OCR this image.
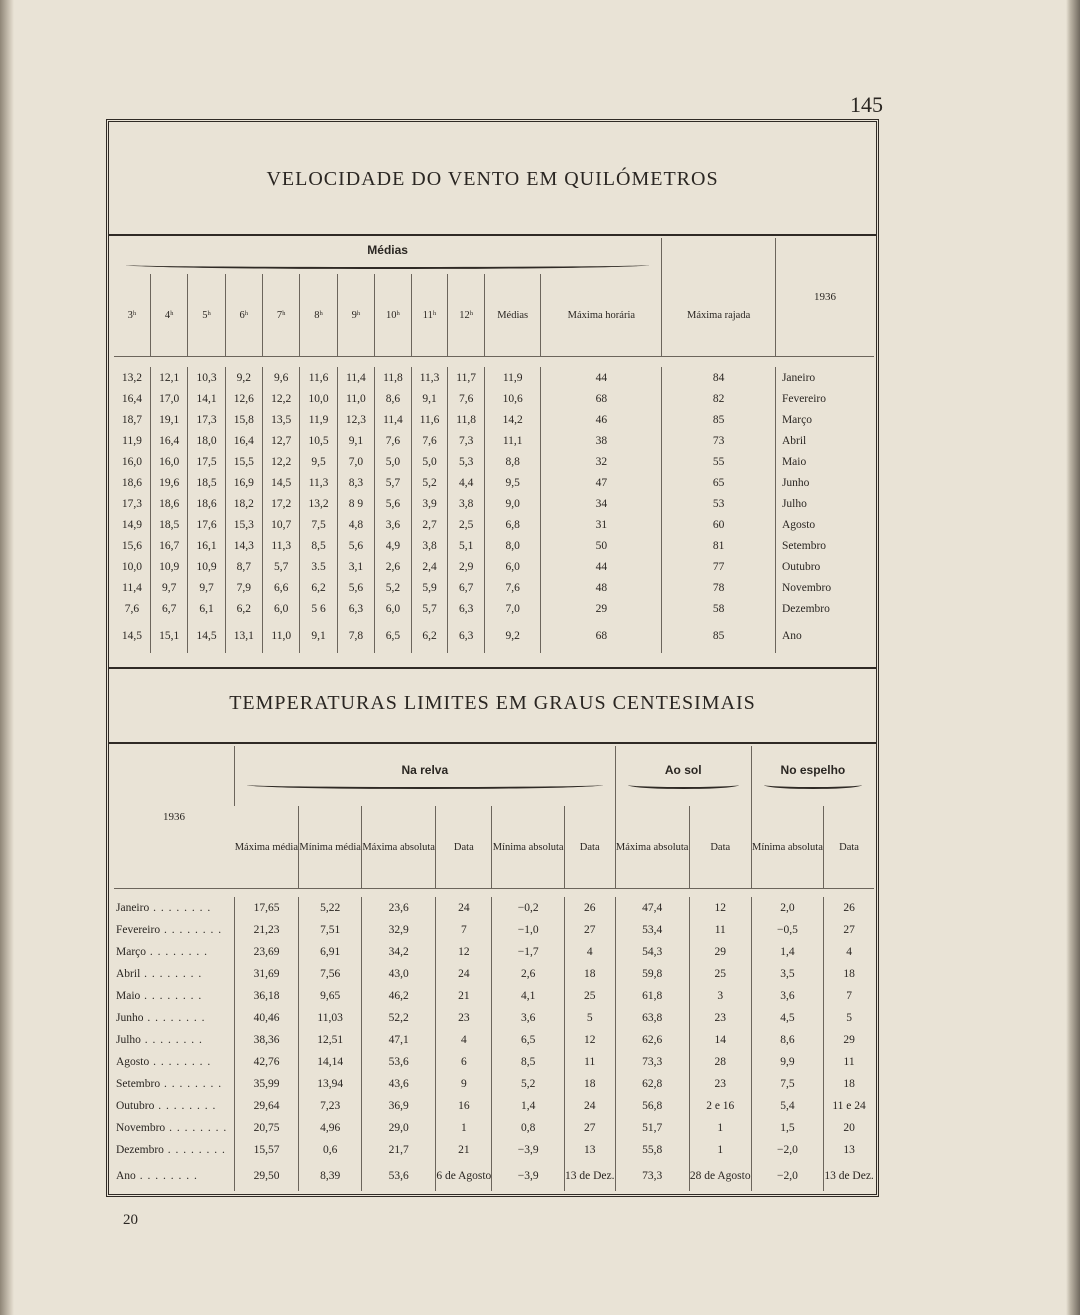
145
20
VELOCIDADE DO VENTO EM QUILÓMETROS
Médias													1936
3ʰ	4ʰ	5ʰ	6ʰ	7ʰ	8ʰ	9ʰ	10ʰ	11ʰ	12ʰ	Médias	Máxima horária	Máxima rajada	

13,2	12,1	10,3	9,2	9,6	11,6	11,4	11,8	11,3	11,7	11,9	44	84	Janeiro
16,4	17,0	14,1	12,6	12,2	10,0	11,0	8,6	9,1	7,6	10,6	68	82	Fevereiro
18,7	19,1	17,3	15,8	13,5	11,9	12,3	11,4	11,6	11,8	14,2	46	85	Março
11,9	16,4	18,0	16,4	12,7	10,5	9,1	7,6	7,6	7,3	11,1	38	73	Abril
16,0	16,0	17,5	15,5	12,2	9,5	7,0	5,0	5,0	5,3	8,8	32	55	Maio
18,6	19,6	18,5	16,9	14,5	11,3	8,3	5,7	5,2	4,4	9,5	47	65	Junho
17,3	18,6	18,6	18,2	17,2	13,2	8 9	5,6	3,9	3,8	9,0	34	53	Julho
14,9	18,5	17,6	15,3	10,7	7,5	4,8	3,6	2,7	2,5	6,8	31	60	Agosto
15,6	16,7	16,1	14,3	11,3	8,5	5,6	4,9	3,8	5,1	8,0	50	81	Setembro
10,0	10,9	10,9	8,7	5,7	3.5	3,1	2,6	2,4	2,9	6,0	44	77	Outubro
11,4	9,7	9,7	7,9	6,6	6,2	5,6	5,2	5,9	6,7	7,6	48	78	Novembro
7,6	6,7	6,1	6,2	6,0	5 6	6,3	6,0	5,7	6,3	7,0	29	58	Dezembro
14,5	15,1	14,5	13,1	11,0	9,1	7,8	6,5	6,2	6,3	9,2	68	85	Ano
TEMPERATURAS LIMITES EM GRAUS CENTESIMAIS
1936	Na relva						Ao sol		No espelho	

	Máxima média	Mínima média	Máxima absoluta	Data	Mínima absoluta	Data	Máxima absoluta	Data	Mínima absoluta	Data

Janeiro . . .	17,65	5,22	23,6	24	−0,2	26	47,4	12	2,0	26
Fevereiro . . .	21,23	7,51	32,9	7	−1,0	27	53,4	11	−0,5	27
Março . . .	23,69	6,91	34,2	12	−1,7	4	54,3	29	1,4	4
Abril . . .	31,69	7,56	43,0	24	2,6	18	59,8	25	3,5	18
Maio . . .	36,18	9,65	46,2	21	4,1	25	61,8	3	3,6	7
Junho . . .	40,46	11,03	52,2	23	3,6	5	63,8	23	4,5	5
Julho . . .	38,36	12,51	47,1	4	6,5	12	62,6	14	8,6	29
Agosto . . .	42,76	14,14	53,6	6	8,5	11	73,3	28	9,9	11
Setembro . . .	35,99	13,94	43,6	9	5,2	18	62,8	23	7,5	18
Outubro . . .	29,64	7,23	36,9	16	1,4	24	56,8	2 e 16	5,4	11 e 24
Novembro . . .	20,75	4,96	29,0	1	0,8	27	51,7	1	1,5	20
Dezembro . . .	15,57	0,6	21,7	21	−3,9	13	55,8	1	−2,0	13
Ano . . .	29,50	8,39	53,6	6 de Agosto	−3,9	13 de Dez.	73,3	28 de Agosto	−2,0	13 de Dez.
